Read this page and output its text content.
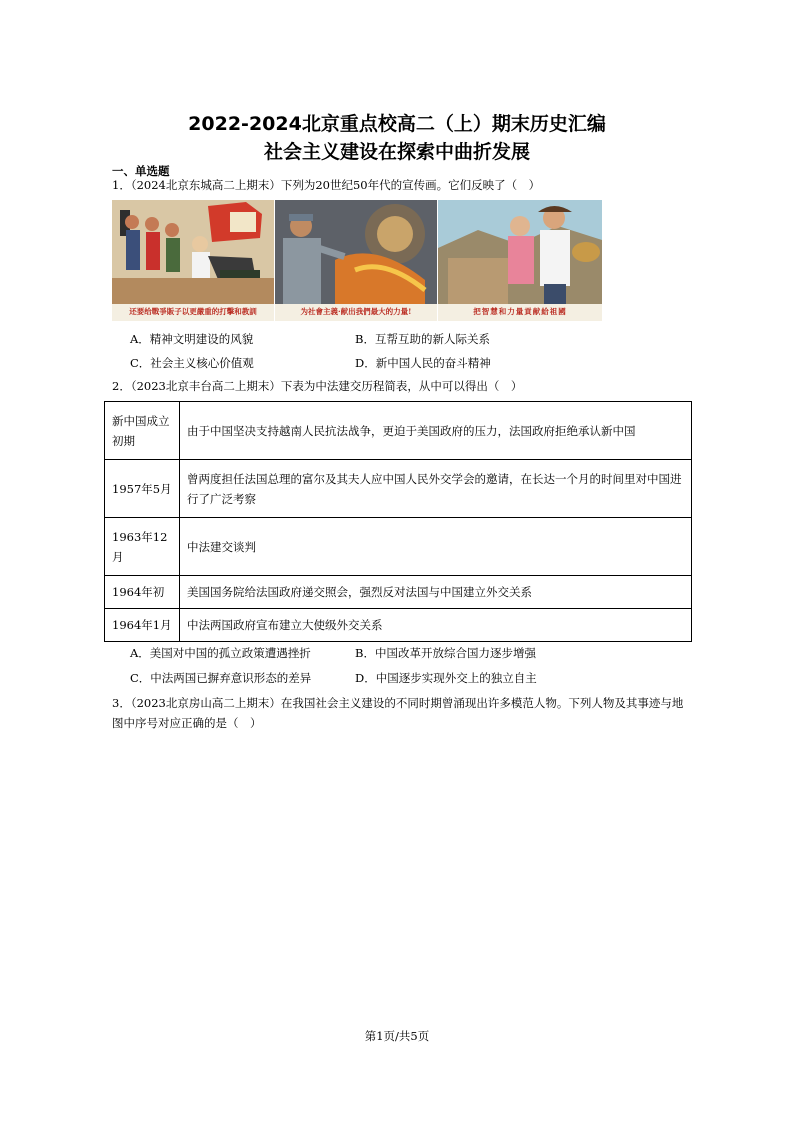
2022-2024北京重点校高二（上）期末历史汇编
社会主义建设在探索中曲折发展
一、单选题
1．（2024北京东城高二上期末）下列为20世纪50年代的宣传画。它们反映了（　）
还要给戰爭販子以更嚴重的打擊和教訓	为社會主義·献出我們最大的力量!	把智慧和力量貢献給祖國
A．精神文明建设的风貌	B．互帮互助的新人际关系
C．社会主义核心价值观	D．新中国人民的奋斗精神
2．（2023北京丰台高二上期末）下表为中法建交历程简表，从中可以得出（　）
新中国成立初期	由于中国坚决支持越南人民抗法战争，更迫于美国政府的压力，法国政府拒绝承认新中国
1957年5月	曾两度担任法国总理的富尔及其夫人应中国人民外交学会的邀请，在长达一个月的时间里对中国进行了广泛考察
1963年12月	中法建交谈判
1964年初	美国国务院给法国政府递交照会，强烈反对法国与中国建立外交关系
1964年1月	中法两国政府宣布建立大使级外交关系
A．美国对中国的孤立政策遭遇挫折	B．中国改革开放综合国力逐步增强
C．中法两国已摒弃意识形态的差异	D．中国逐步实现外交上的独立自主
3．（2023北京房山高二上期末）在我国社会主义建设的不同时期曾涌现出许多模范人物。下列人物及其事迹与地图中序号对应正确的是（　）
第1页/共5页
